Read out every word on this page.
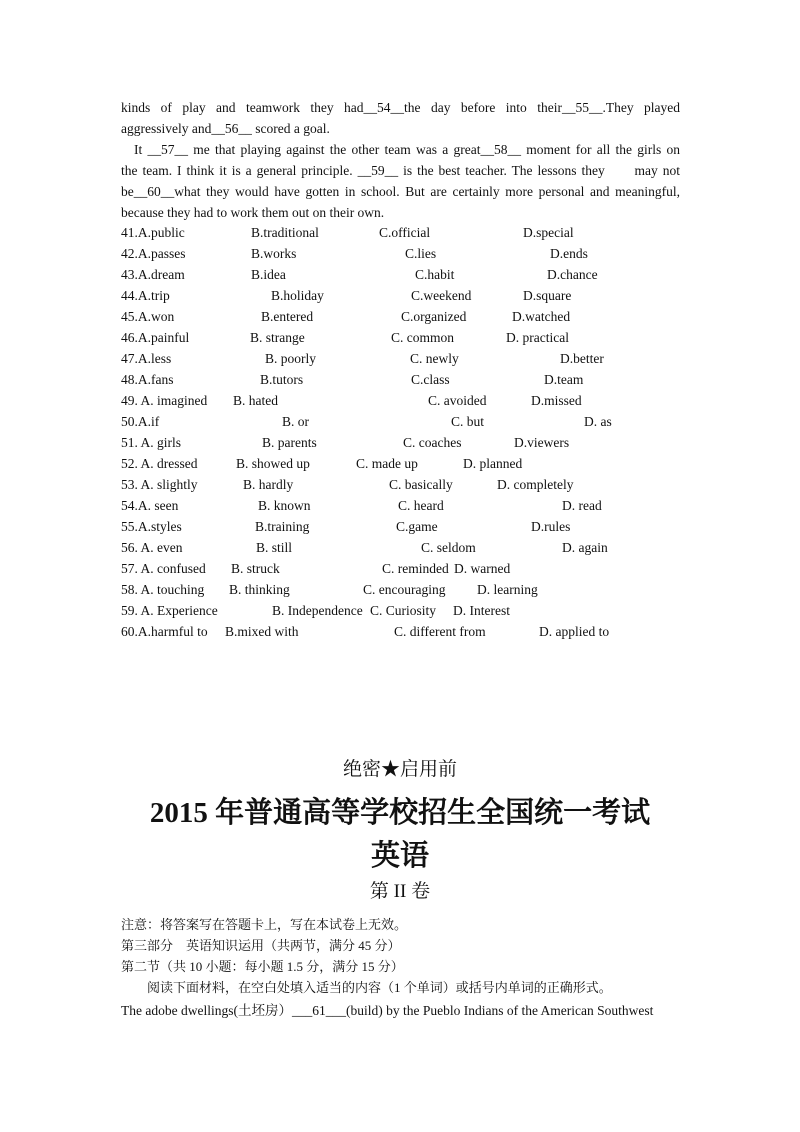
kinds of play and teamwork they had__54__the day before into their__55__.They played
aggressively and__56__ scored a goal.
It __57__ me that playing against the other team was a great__58__ moment for all the girls on
the team. I think it is a general principle. __59__ is the best teacher. The lessons they      may not
be__60__what they would have gotten in school. But are certainly more personal and meaningful,
because they had to work them out on their own.
41.A.public	B.traditional	C.official	D.special
42.A.passes	B.works	C.lies	D.ends
43.A.dream	B.idea	C.habit	D.chance
44.A.trip	B.holiday	C.weekend	D.square
45.A.won	B.entered	C.organized	D.watched
46.A.painful	B. strange	C. common	D. practical
47.A.less	B. poorly	C. newly	D.better
48.A.fans	B.tutors	C.class	D.team
49. A. imagined B. hated	C. avoided	D.missed
50.A.if	B. or	C. but	D. as
51. A. girls	B. parents	C. coaches	D.viewers
52. A. dressed	B. showed up	C. made up	D. planned
53. A. slightly	B. hardly	C. basically	D. completely
54.A. seen	B. known	C. heard	D. read
55.A.styles	B.training	C.game	D.rules
56. A. even	B. still	C. seldom	D. again
57. A. confused B. struck	C. reminded D. warned
58. A. touching B. thinking	C. encouraging D. learning
59. A. Experience	B. Independence C. Curiosity D. Interest
60.A.harmful to B.mixed with	C. different from	D. applied to

绝密★启用前

2015 年普通高等学校招生全国统一考试

英语

第 II 卷

注意：将答案写在答题卡上，写在本试卷上无效。
第三部分    英语知识运用（共两节，满分 45 分）
第二节（共 10 小题：每小题 1.5 分，满分 15 分）
阅读下面材料，在空白处填入适当的内容（1 个单词）或括号内单词的正确形式。
The adobe dwellings(土坯房）___61___(build) by the Pueblo Indians of the American Southwest
